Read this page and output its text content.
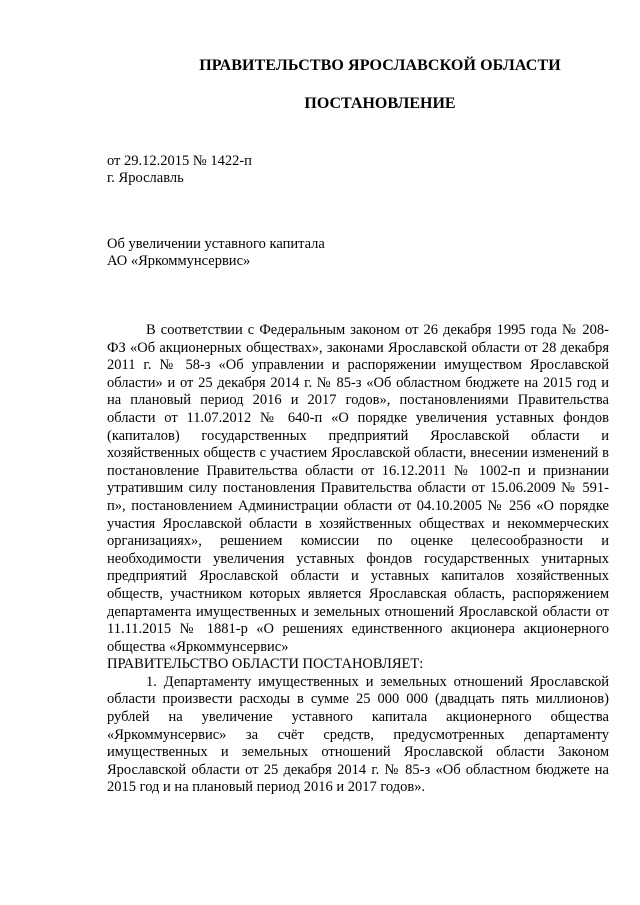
ПРАВИТЕЛЬСТВО ЯРОСЛАВСКОЙ ОБЛАСТИ
ПОСТАНОВЛЕНИЕ
от 29.12.2015 № 1422-п
г. Ярославль
Об увеличении уставного капитала
АО «Яркоммунсервис»

В соответствии с Федеральным законом от 26 декабря 1995 года № 208-ФЗ «Об акционерных обществах», законами Ярославской области от 28 декабря 2011 г. № 58-з «Об управлении и распоряжении имуществом Ярославской области» и от 25 декабря 2014 г. № 85-з «Об областном бюджете на 2015 год и на плановый период 2016 и 2017 годов», постановлениями Правительства области от 11.07.2012 № 640-п «О порядке увеличения уставных фондов (капиталов) государственных предприятий Ярославской области и хозяйственных обществ с участием Ярославской области, внесении изменений в постановление Правительства области от 16.12.2011 № 1002-п и признании утратившим силу постановления Правительства области от 15.06.2009 № 591-п», постановлением Администрации области от 04.10.2005 № 256 «О порядке участия Ярославской области в хозяйственных обществах и некоммерческих организациях», решением комиссии по оценке целесообразности и необходимости увеличения уставных фондов государственных унитарных предприятий Ярославской области и уставных капиталов хозяйственных обществ, участником которых является Ярославская область, распоряжением департамента имущественных и земельных отношений Ярославской области от 11.11.2015 № 1881-р «О решениях единственного акционера акционерного общества «Яркоммунсервис»

ПРАВИТЕЛЬСТВО ОБЛАСТИ ПОСТАНОВЛЯЕТ:

1. Департаменту имущественных и земельных отношений Ярославской области произвести расходы в сумме 25 000 000 (двадцать пять миллионов) рублей на увеличение уставного капитала акционерного общества «Яркоммунсервис» за счёт средств, предусмотренных департаменту имущественных и земельных отношений Ярославской области Законом Ярославской области от 25 декабря 2014 г. № 85-з «Об областном бюджете на 2015 год и на плановый период 2016 и 2017 годов».
